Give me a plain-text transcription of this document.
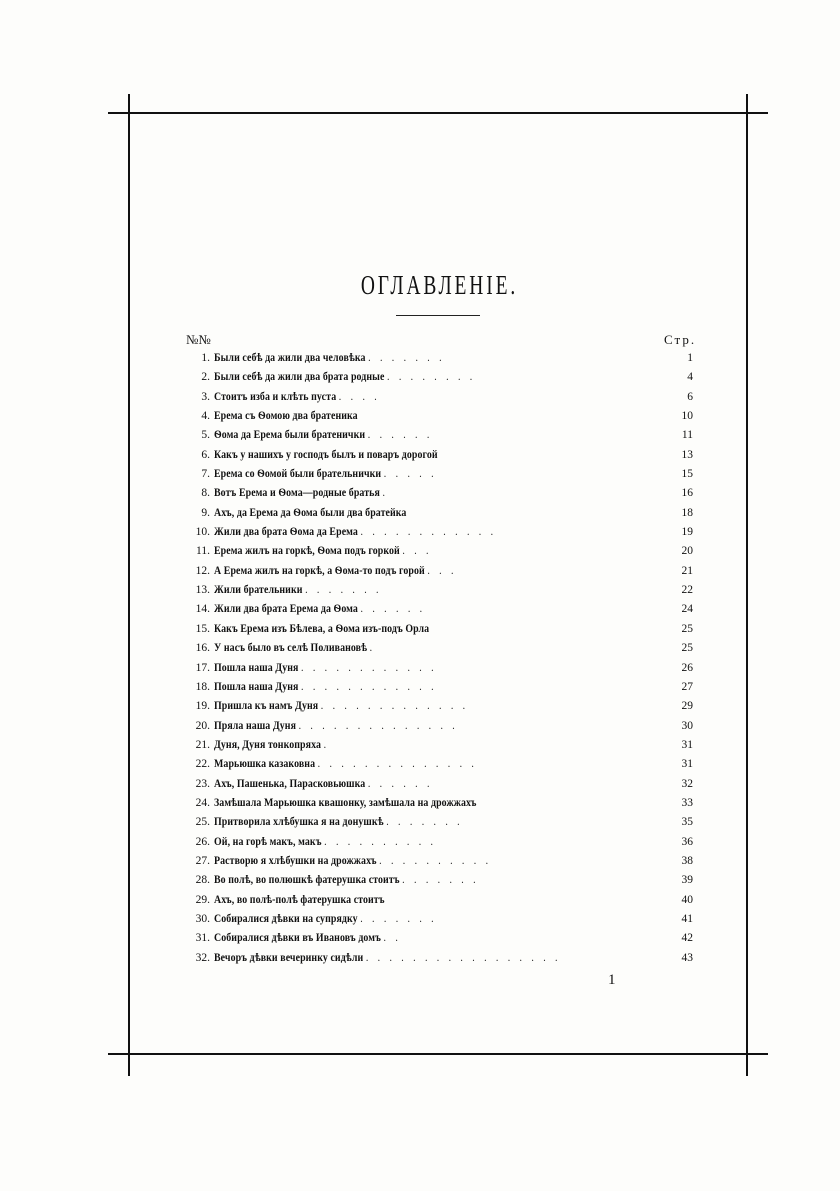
ОГЛАВЛЕНІЕ.
№№	Стр.
1. Были себѣ да жили два человѣка . . . . . . .	1
2. Были себѣ да жили два брата родные . . . . . . . .	4
3. Стоитъ изба и клѣть пуста . . . .	6
4. Ерема съ Ѳомою два братеника	10
5. Ѳома да Ерема были братенички . . . . . .	11
6. Какъ у нашихъ у господъ былъ и поваръ дорогой	13
7. Ерема со Ѳомой были брательнички . . . . .	15
8. Вотъ Ерема и Ѳома—родные братья .	16
9. Ахъ, да Ерема да Ѳома были два братейка	18
10. Жили два брата Ѳома да Ерема . . . . . . . . . . . .	19
11. Ерема жилъ на горкѣ, Ѳома подъ горкой . . .	20
12. А Ерема жилъ на горкѣ, а Ѳома-то подъ горой . . .	21
13. Жили брательники . . . . . . .	22
14. Жили два брата Ерема да Ѳома . . . . . .	24
15. Какъ Ерема изъ Бѣлева, а Ѳома изъ-подъ Орла	25
16. У насъ было въ селѣ Поливановѣ .	25
17. Пошла наша Дуня . . . . . . . . . . . .	26
18. Пошла наша Дуня . . . . . . . . . . . .	27
19. Пришла къ намъ Дуня . . . . . . . . . . . . .	29
20. Пряла наша Дуня . . . . . . . . . . . . . .	30
21. Дуня, Дуня тонкопряха .	31
22. Марьюшка казаковна . . . . . . . . . . . . . .	31
23. Ахъ, Пашенька, Парасковьюшка . . . . . .	32
24. Замѣшала Марьюшка квашонку, замѣшала на дрожжахъ	33
25. Притворила хлѣбушка я на донушкѣ . . . . . . .	35
26. Ой, на горѣ макъ, макъ . . . . . . . . . .	36
27. Растворю я хлѣбушки на дрожжахъ . . . . . . . . . .	38
28. Во полѣ, во полюшкѣ фатерушка стоитъ . . . . . . .	39
29. Ахъ, во полѣ-полѣ фатерушка стоитъ	40
30. Собиралися дѣвки на супрядку . . . . . . .	41
31. Собиралися дѣвки въ Ивановъ домъ . .	42
32. Вечоръ дѣвки вечеринку сидѣли . . . . . . . . . . . . . . . . .	43
1
